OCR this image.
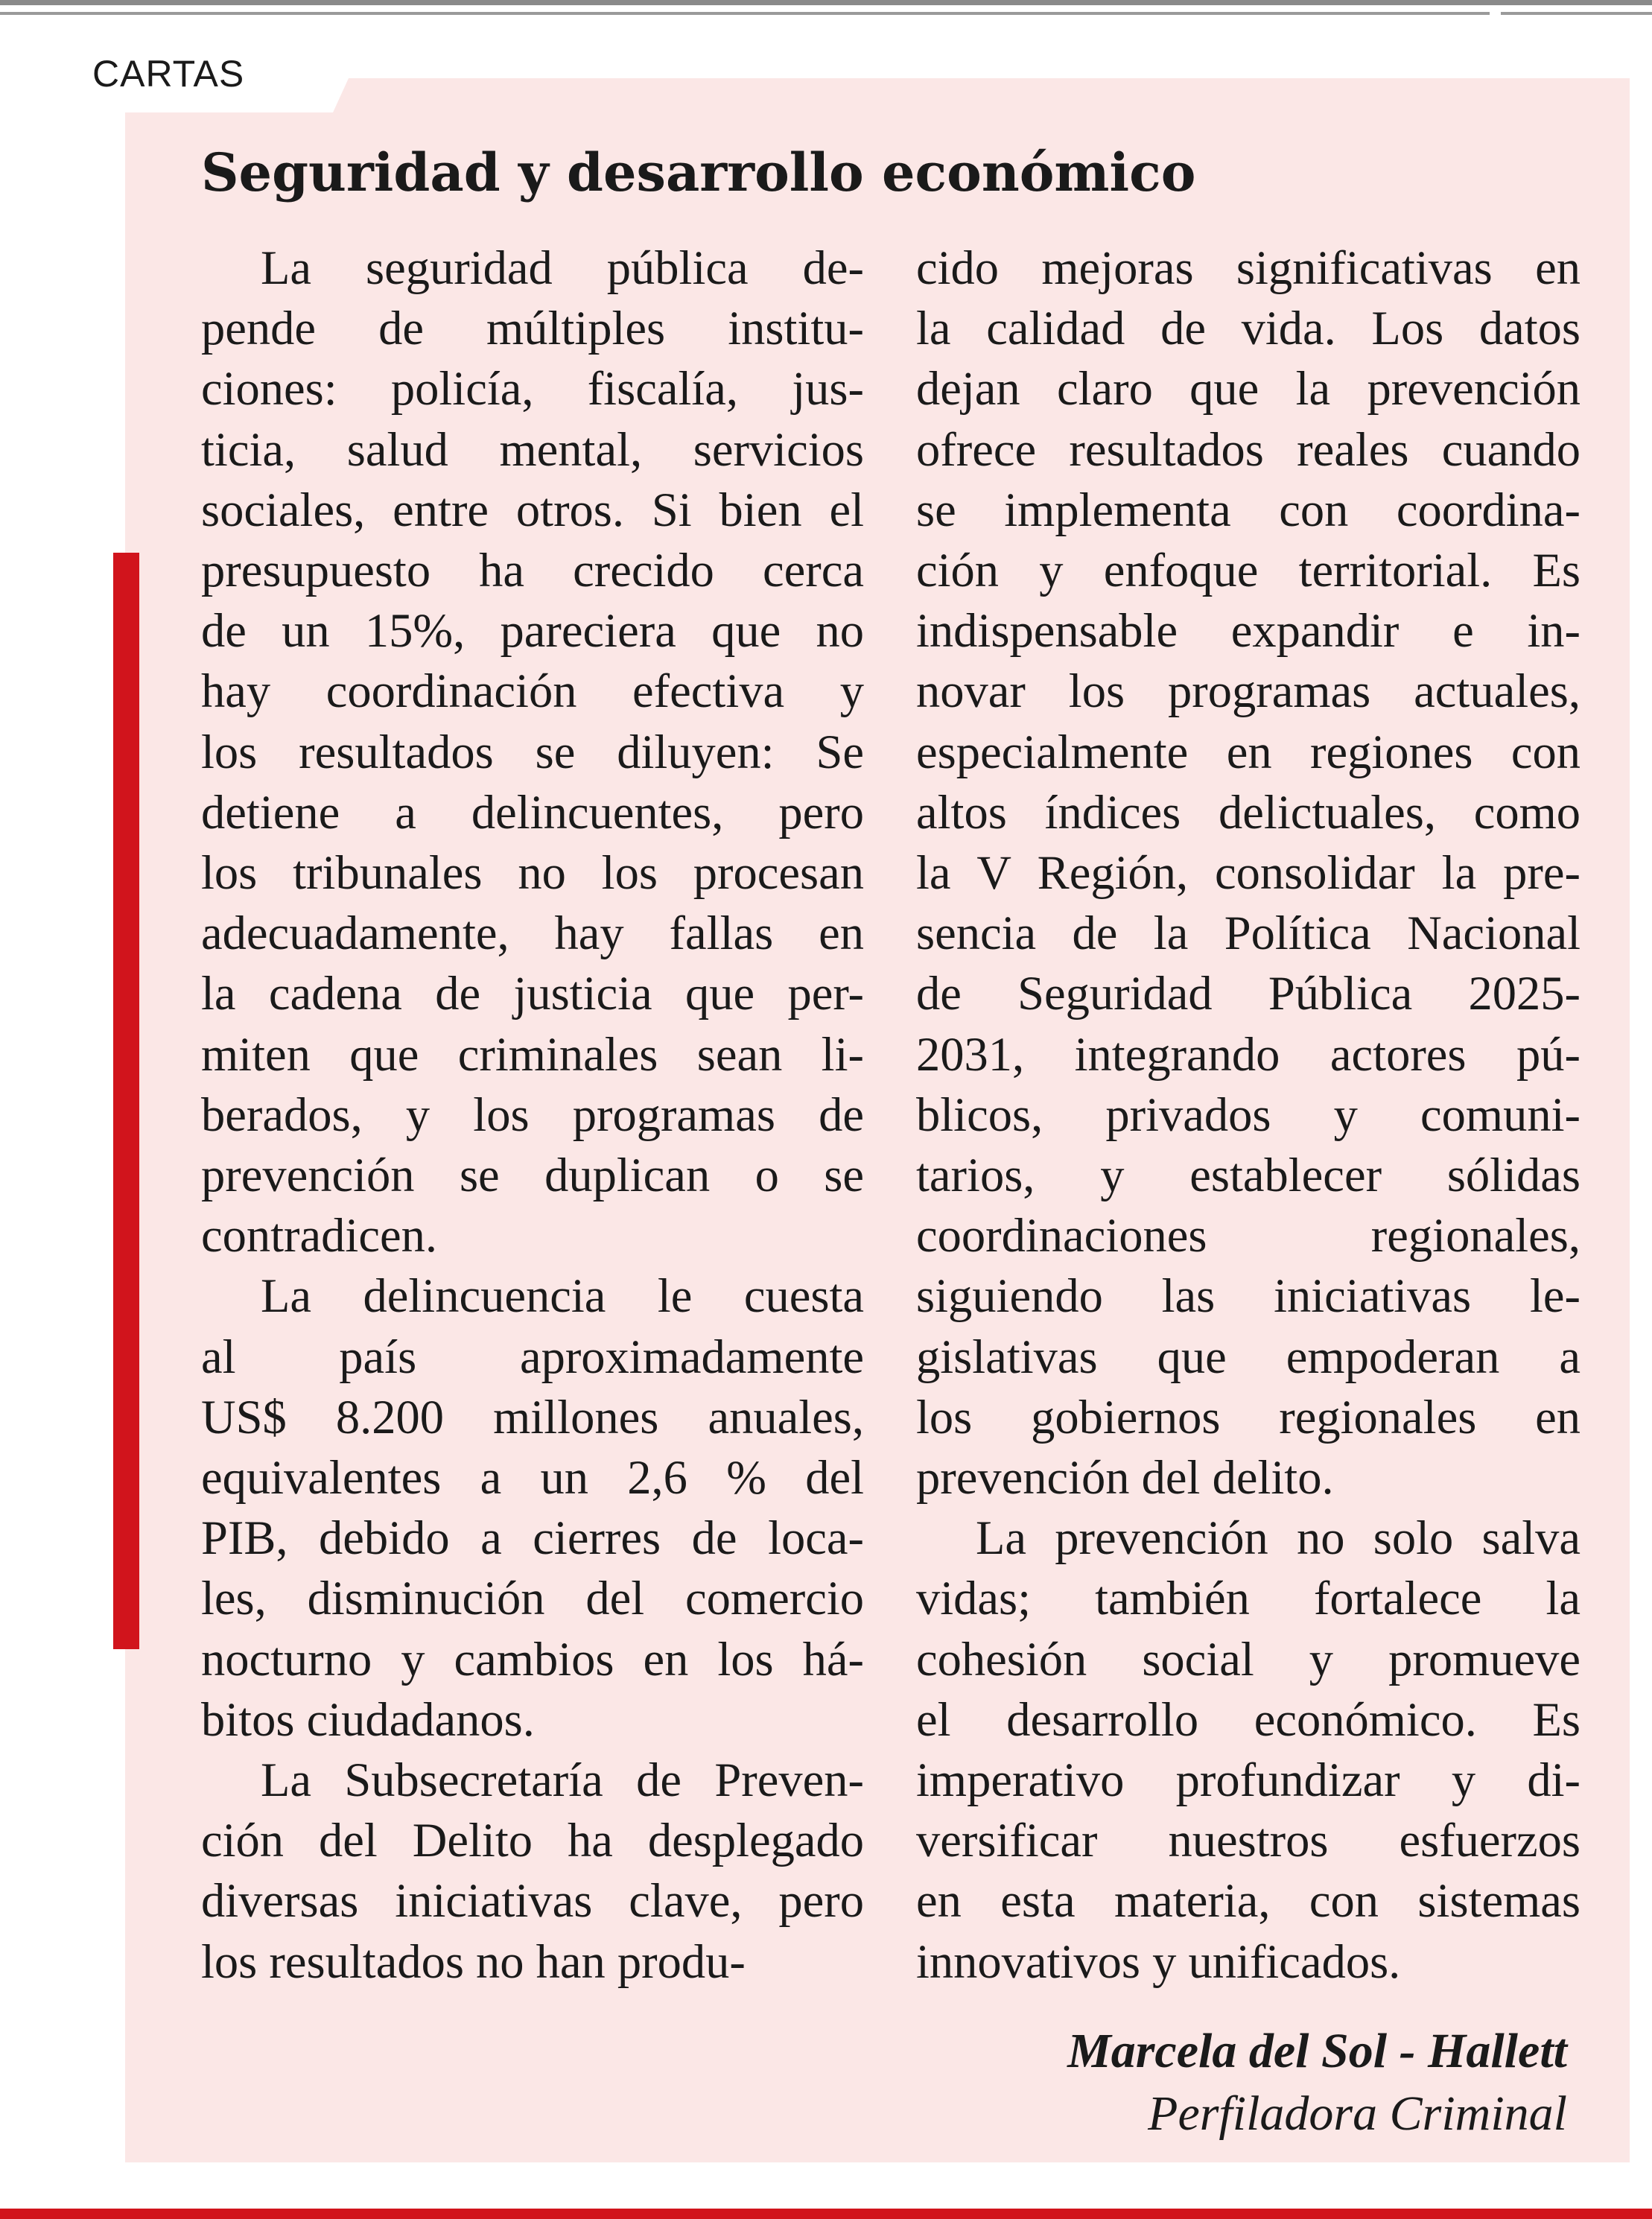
CARTAS
Seguridad y desarrollo económico

La seguridad pública de-

pende de múltiples institu-

ciones: policía, fiscalía, jus-

ticia, salud mental, servicios

sociales, entre otros. Si bien el

presupuesto ha crecido cerca

de un 15%, pareciera que no

hay coordinación efectiva y

los resultados se diluyen: Se

detiene a delincuentes, pero

los tribunales no los procesan

adecuadamente, hay fallas en

la cadena de justicia que per-

miten que criminales sean li-

berados, y los programas de

prevención se duplican o se

contradicen.

La delincuencia le cuesta

al país aproximadamente

US$ 8.200 millones anuales,

equivalentes a un 2,6 % del

PIB, debido a cierres de loca-

les, disminución del comercio

nocturno y cambios en los há-

bitos ciudadanos.

La Subsecretaría de Preven-

ción del Delito ha desplegado

diversas iniciativas clave, pero

los resultados no han produ-

cido mejoras significativas en

la calidad de vida. Los datos

dejan claro que la prevención

ofrece resultados reales cuando

se implementa con coordina-

ción y enfoque territorial. Es

indispensable expandir e in-

novar los programas actuales,

especialmente en regiones con

altos índices delictuales, como

la V Región, consolidar la pre-

sencia de la Política Nacional

de Seguridad Pública 2025-

2031, integrando actores pú-

blicos, privados y comuni-

tarios, y establecer sólidas

coordinaciones regionales,

siguiendo las iniciativas le-

gislativas que empoderan a

los gobiernos regionales en

prevención del delito.

La prevención no solo salva

vidas; también fortalece la

cohesión social y promueve

el desarrollo económico. Es

imperativo profundizar y di-

versificar nuestros esfuerzos

en esta materia, con sistemas

innovativos y unificados.

Marcela del Sol - Hallett
Perfiladora Criminal
